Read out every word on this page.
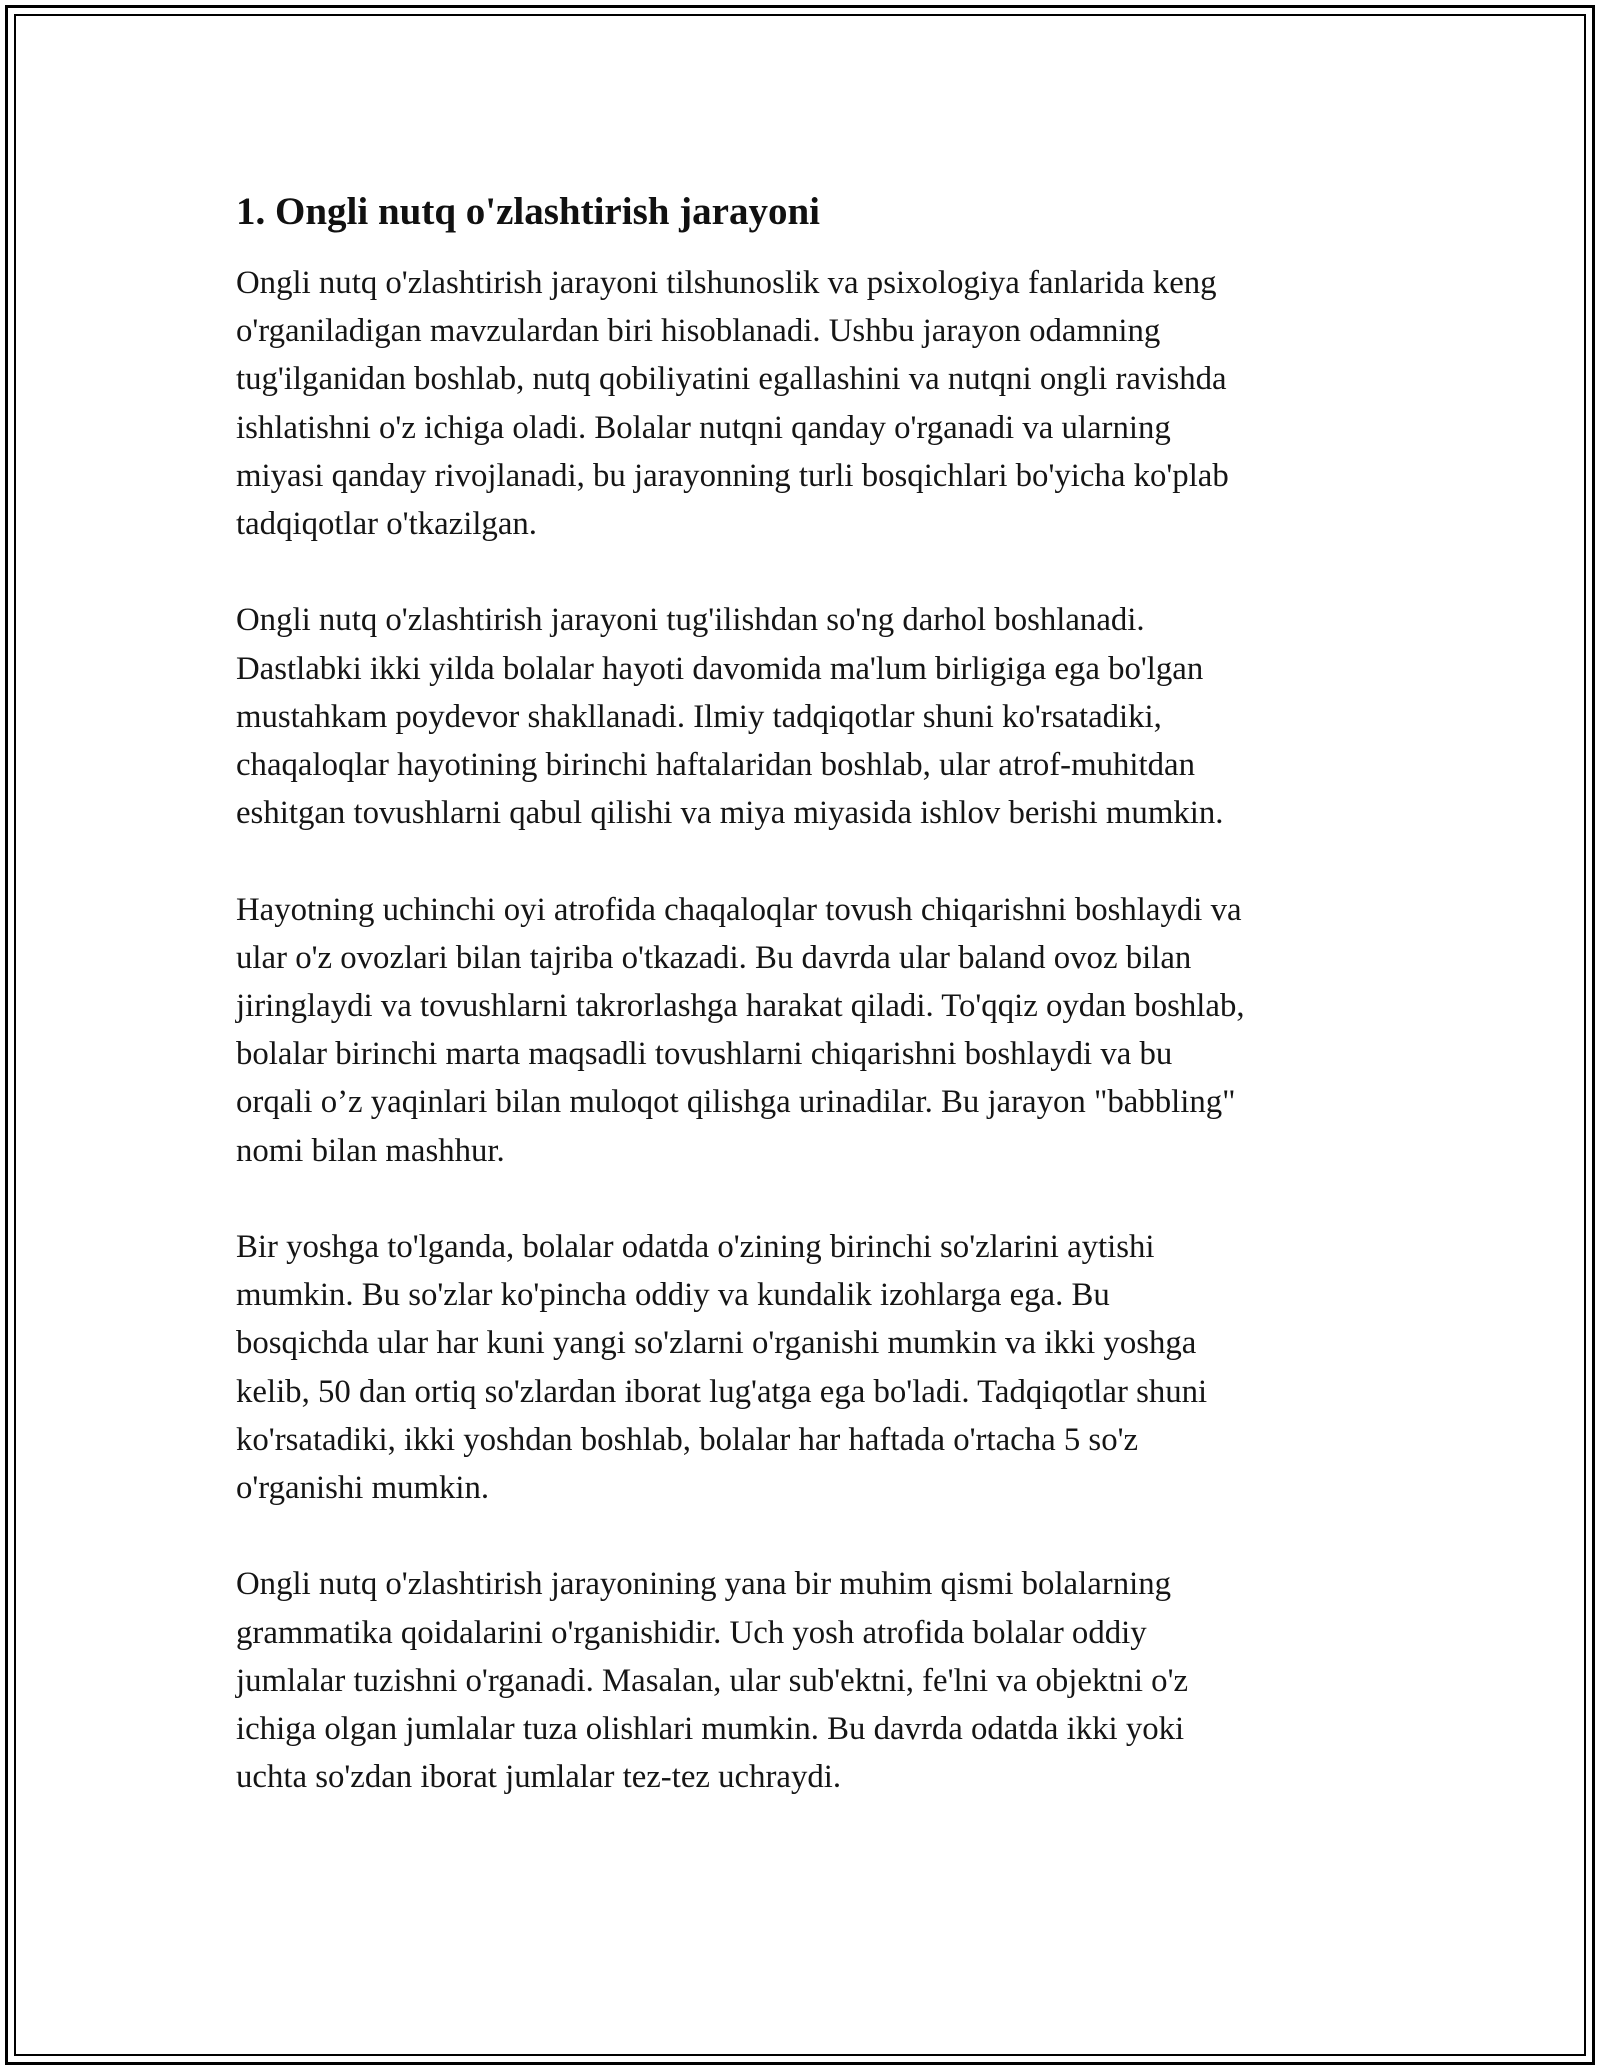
1. Ongli nutq o'zlashtirish jarayoni

Ongli nutq o'zlashtirish jarayoni tilshunoslik va psixologiya fanlarida keng
o'rganiladigan mavzulardan biri hisoblanadi. Ushbu jarayon odamning
tug'ilganidan boshlab, nutq qobiliyatini egallashini va nutqni ongli ravishda
ishlatishni o'z ichiga oladi. Bolalar nutqni qanday o'rganadi va ularning
miyasi qanday rivojlanadi, bu jarayonning turli bosqichlari bo'yicha ko'plab
tadqiqotlar o'tkazilgan.

Ongli nutq o'zlashtirish jarayoni tug'ilishdan so'ng darhol boshlanadi.
Dastlabki ikki yilda bolalar hayoti davomida ma'lum birligiga ega bo'lgan
mustahkam poydevor shakllanadi. Ilmiy tadqiqotlar shuni ko'rsatadiki,
chaqaloqlar hayotining birinchi haftalaridan boshlab, ular atrof-muhitdan
eshitgan tovushlarni qabul qilishi va miya miyasida ishlov berishi mumkin.

Hayotning uchinchi oyi atrofida chaqaloqlar tovush chiqarishni boshlaydi va
ular o'z ovozlari bilan tajriba o'tkazadi. Bu davrda ular baland ovoz bilan
jiringlaydi va tovushlarni takrorlashga harakat qiladi. To'qqiz oydan boshlab,
bolalar birinchi marta maqsadli tovushlarni chiqarishni boshlaydi va bu
orqali o’z yaqinlari bilan muloqot qilishga urinadilar. Bu jarayon "babbling"
nomi bilan mashhur.

Bir yoshga to'lganda, bolalar odatda o'zining birinchi so'zlarini aytishi
mumkin. Bu so'zlar ko'pincha oddiy va kundalik izohlarga ega. Bu
bosqichda ular har kuni yangi so'zlarni o'rganishi mumkin va ikki yoshga
kelib, 50 dan ortiq so'zlardan iborat lug'atga ega bo'ladi. Tadqiqotlar shuni
ko'rsatadiki, ikki yoshdan boshlab, bolalar har haftada o'rtacha 5 so'z
o'rganishi mumkin.

Ongli nutq o'zlashtirish jarayonining yana bir muhim qismi bolalarning
grammatika qoidalarini o'rganishidir. Uch yosh atrofida bolalar oddiy
jumlalar tuzishni o'rganadi. Masalan, ular sub'ektni, fe'lni va objektni o'z
ichiga olgan jumlalar tuza olishlari mumkin. Bu davrda odatda ikki yoki
uchta so'zdan iborat jumlalar tez-tez uchraydi.
